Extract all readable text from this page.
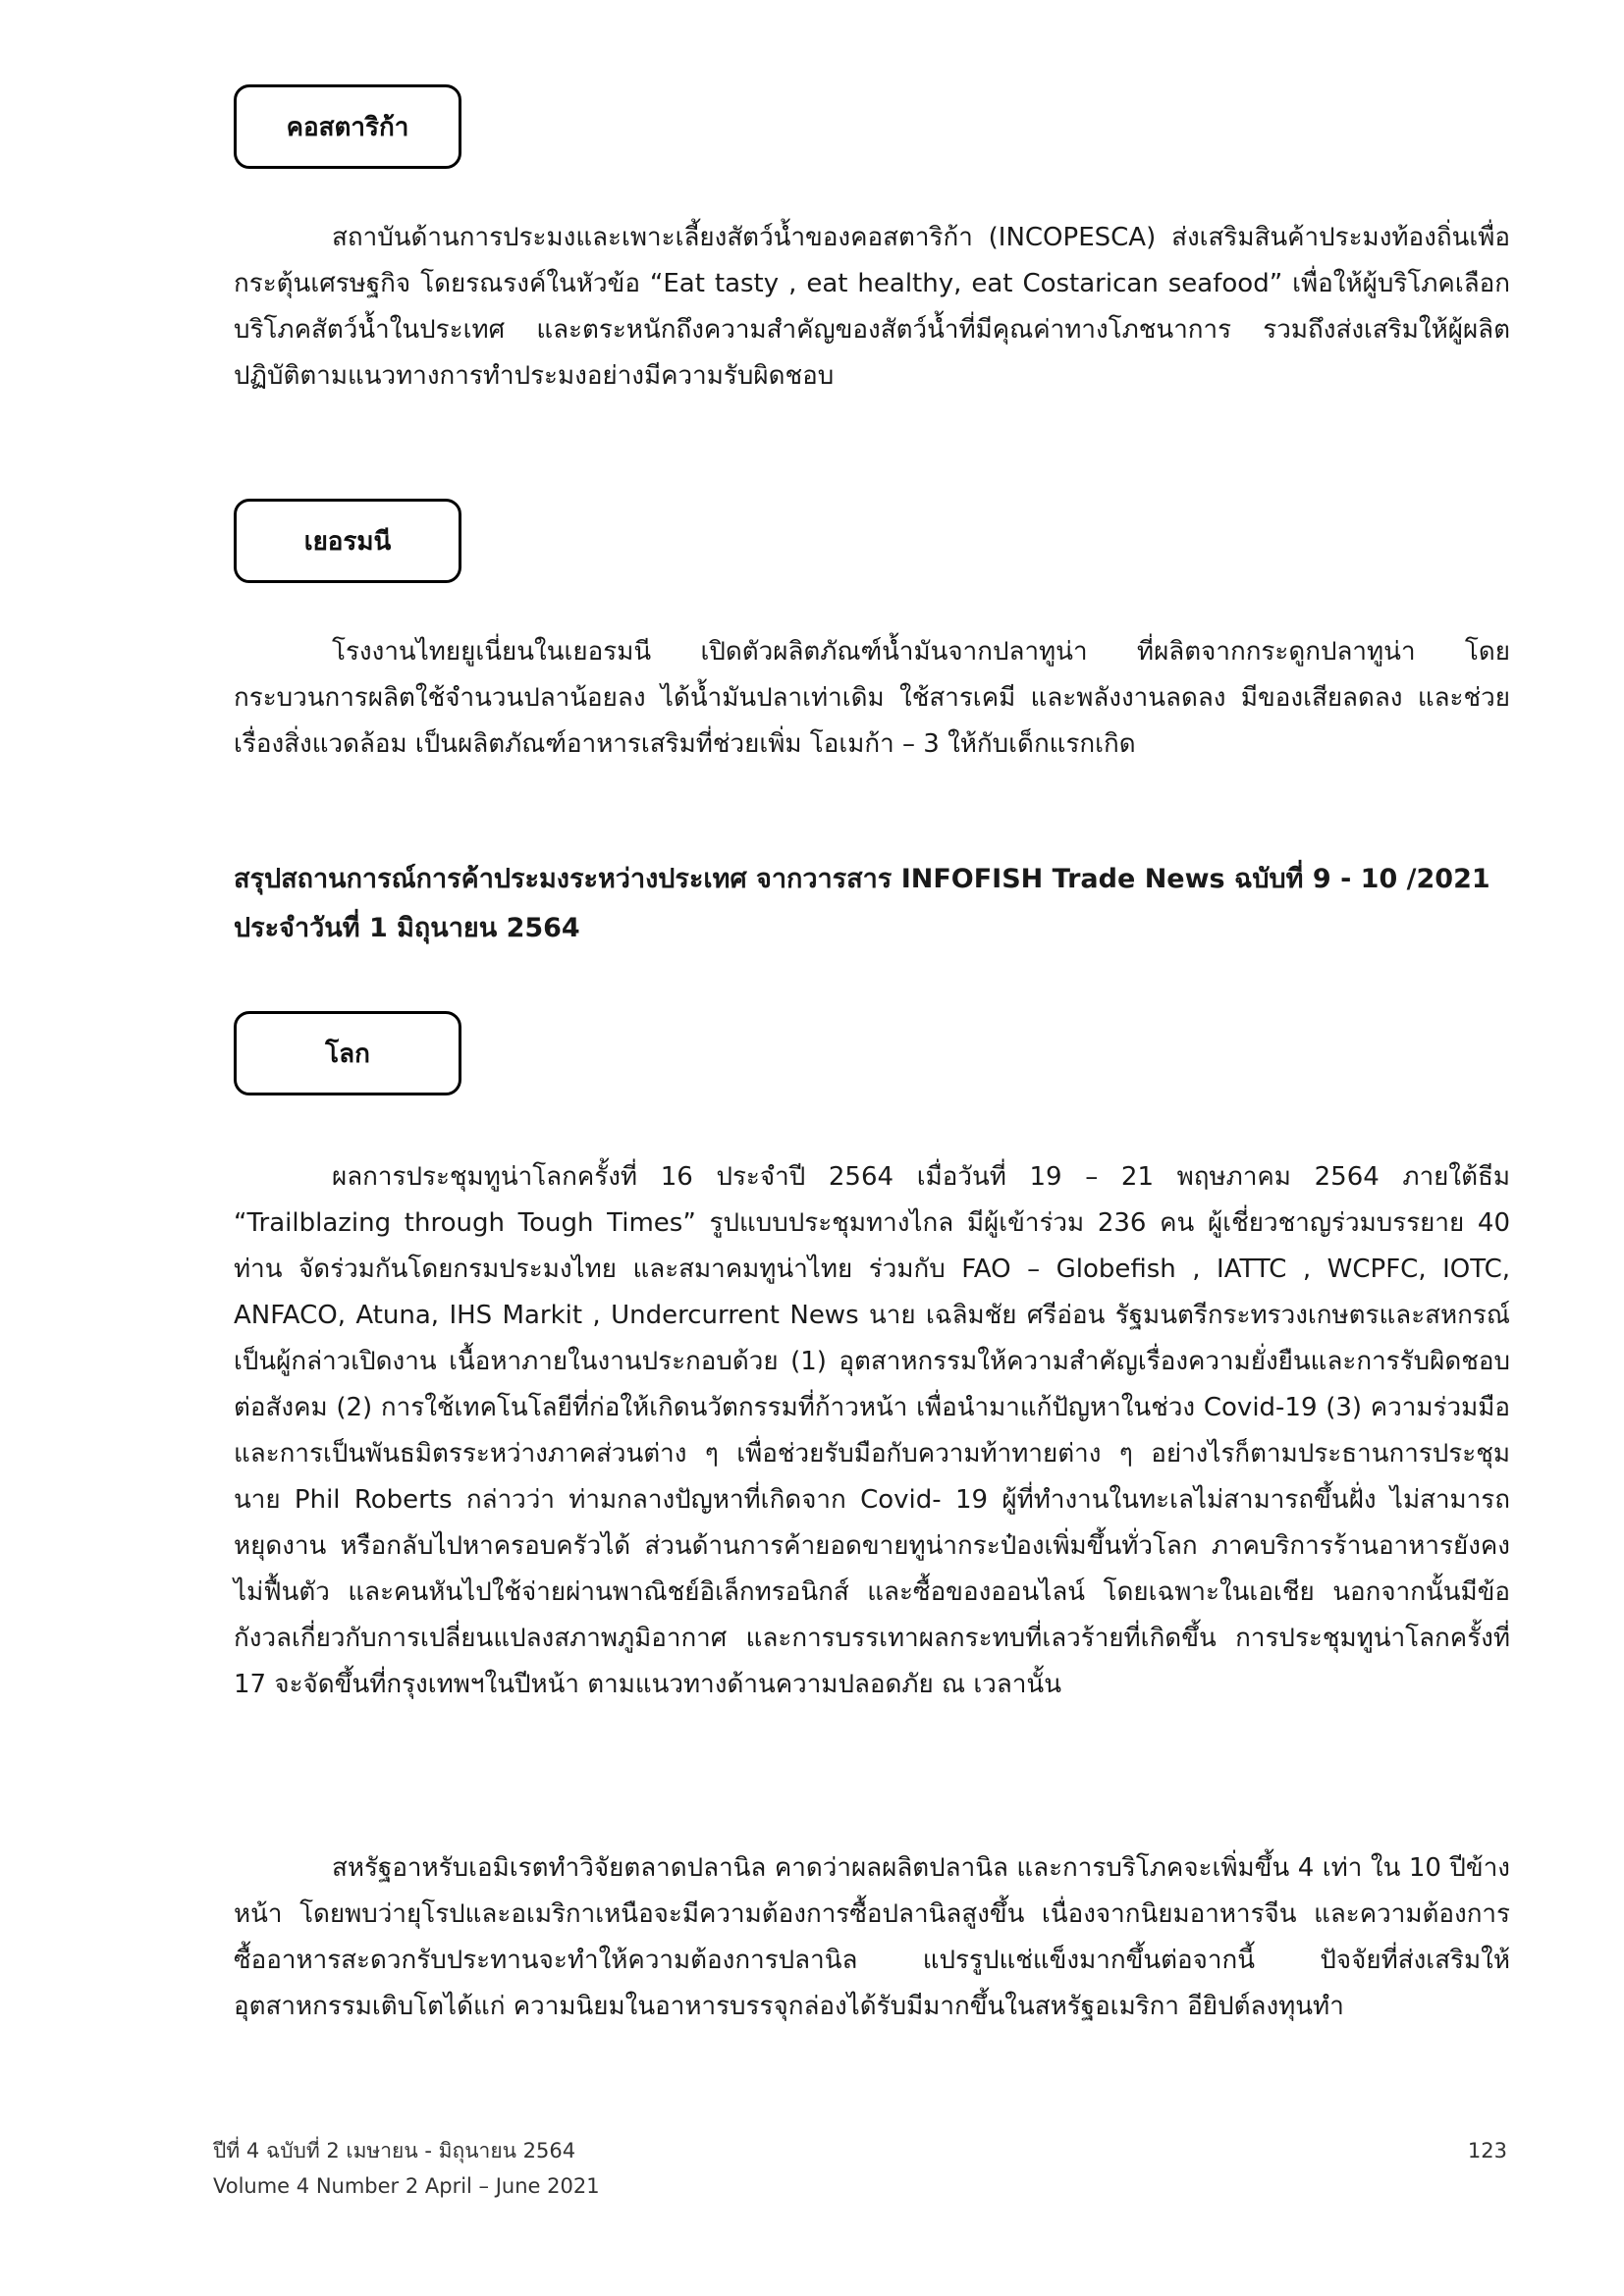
คอสตาริก้า

สถาบันด้านการประมงและเพาะเลี้ยงสัตว์น้ำของคอสตาริก้า (INCOPESCA) ส่งเสริมสินค้าประมงท้องถิ่นเพื่อกระตุ้นเศรษฐกิจ โดยรณรงค์ในหัวข้อ “Eat tasty , eat healthy, eat Costarican seafood” เพื่อให้ผู้บริโภคเลือกบริโภคสัตว์น้ำในประเทศ และตระหนักถึงความสำคัญของสัตว์น้ำที่มีคุณค่าทางโภชนาการ รวมถึงส่งเสริมให้ผู้ผลิตปฏิบัติตามแนวทางการทำประมงอย่างมีความรับผิดชอบ

เยอรมนี

โรงงานไทยยูเนี่ยนในเยอรมนี เปิดตัวผลิตภัณฑ์น้ำมันจากปลาทูน่า ที่ผลิตจากกระดูกปลาทูน่า โดยกระบวนการผลิตใช้จำนวนปลาน้อยลง ได้น้ำมันปลาเท่าเดิม ใช้สารเคมี และพลังงานลดลง มีของเสียลดลง และช่วยเรื่องสิ่งแวดล้อม เป็นผลิตภัณฑ์อาหารเสริมที่ช่วยเพิ่ม โอเมก้า – 3 ให้กับเด็กแรกเกิด

สรุปสถานการณ์การค้าประมงระหว่างประเทศ จากวารสาร INFOFISH Trade News ฉบับที่ 9 - 10 /2021
ประจำวันที่ 1 มิถุนายน 2564
โลก

ผลการประชุมทูน่าโลกครั้งที่ 16 ประจำปี 2564 เมื่อวันที่ 19 – 21 พฤษภาคม 2564 ภายใต้ธีม “Trailblazing through Tough Times” รูปแบบประชุมทางไกล มีผู้เข้าร่วม 236 คน ผู้เชี่ยวชาญร่วมบรรยาย 40 ท่าน จัดร่วมกันโดยกรมประมงไทย และสมาคมทูน่าไทย ร่วมกับ FAO – Globefish , IATTC , WCPFC, IOTC, ANFACO, Atuna, IHS Markit , Undercurrent News นาย เฉลิมชัย ศรีอ่อน รัฐมนตรีกระทรวงเกษตรและสหกรณ์เป็นผู้กล่าวเปิดงาน เนื้อหาภายในงานประกอบด้วย (1) อุตสาหกรรมให้ความสำคัญเรื่องความยั่งยืนและการรับผิดชอบต่อสังคม (2) การใช้เทคโนโลยีที่ก่อให้เกิดนวัตกรรมที่ก้าวหน้า เพื่อนำมาแก้ปัญหาในช่วง Covid-19 (3) ความร่วมมือและการเป็นพันธมิตรระหว่างภาคส่วนต่าง ๆ เพื่อช่วยรับมือกับความท้าทายต่าง ๆ อย่างไรก็ตามประธานการประชุม นาย Phil Roberts กล่าวว่า ท่ามกลางปัญหาที่เกิดจาก Covid- 19 ผู้ที่ทำงานในทะเลไม่สามารถขึ้นฝั่ง ไม่สามารถหยุดงาน หรือกลับไปหาครอบครัวได้ ส่วนด้านการค้ายอดขายทูน่ากระป๋องเพิ่มขึ้นทั่วโลก ภาคบริการร้านอาหารยังคงไม่ฟื้นตัว และคนหันไปใช้จ่ายผ่านพาณิชย์อิเล็กทรอนิกส์ และซื้อของออนไลน์ โดยเฉพาะในเอเชีย นอกจากนั้นมีข้อกังวลเกี่ยวกับการเปลี่ยนแปลงสภาพภูมิอากาศ และการบรรเทาผลกระทบที่เลวร้ายที่เกิดขึ้น การประชุมทูน่าโลกครั้งที่ 17 จะจัดขึ้นที่กรุงเทพฯในปีหน้า ตามแนวทางด้านความปลอดภัย ณ เวลานั้น

สหรัฐอาหรับเอมิเรตทำวิจัยตลาดปลานิล คาดว่าผลผลิตปลานิล และการบริโภคจะเพิ่มขึ้น 4 เท่า ใน 10 ปีข้างหน้า โดยพบว่ายุโรปและอเมริกาเหนือจะมีความต้องการซื้อปลานิลสูงขึ้น เนื่องจากนิยมอาหารจีน และความต้องการซื้ออาหารสะดวกรับประทานจะทำให้ความต้องการปลานิล แปรรูปแช่แข็งมากขึ้นต่อจากนี้ ปัจจัยที่ส่งเสริมให้อุตสาหกรรมเติบโตได้แก่ ความนิยมในอาหารบรรจุกล่องได้รับมีมากขึ้นในสหรัฐอเมริกา อียิปต์ลงทุนทำ

ปีที่ 4 ฉบับที่ 2 เมษายน - มิถุนายน 2564
Volume 4 Number 2 April – June 2021
123
